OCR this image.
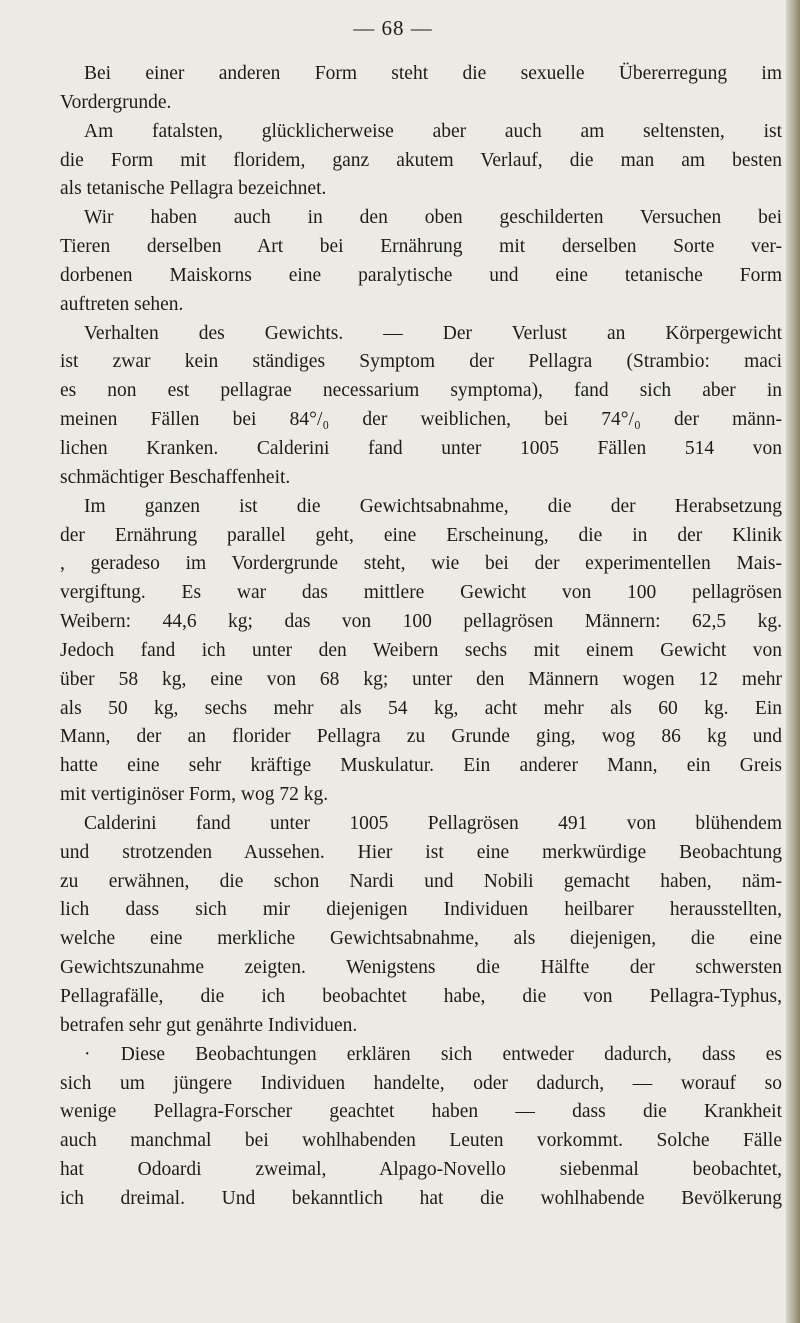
— 68 —
Bei einer anderen Form steht die sexuelle Übererregung im
Vordergrunde.
Am fatalsten, glücklicherweise aber auch am seltensten, ist
die Form mit floridem, ganz akutem Verlauf, die man am besten
als tetanische Pellagra bezeichnet.
Wir haben auch in den oben geschilderten Versuchen bei
Tieren derselben Art bei Ernährung mit derselben Sorte ver-
dorbenen Maiskorns eine paralytische und eine tetanische Form
auftreten sehen.
Verhalten des Gewichts. — Der Verlust an Körpergewicht
ist zwar kein ständiges Symptom der Pellagra (Strambio: maci
es non est pellagrae necessarium symptoma), fand sich aber in
meinen Fällen bei 84°/₀ der weiblichen, bei 74°/₀ der männ-
lichen Kranken. Calderini fand unter 1005 Fällen 514 von
schmächtiger Beschaffenheit.
Im ganzen ist die Gewichtsabnahme, die der Herabsetzung
der Ernährung parallel geht, eine Erscheinung, die in der Klinik
, geradeso im Vordergrunde steht, wie bei der experimentellen Mais-
vergiftung. Es war das mittlere Gewicht von 100 pellagrösen
Weibern: 44,6 kg; das von 100 pellagrösen Männern: 62,5 kg.
Jedoch fand ich unter den Weibern sechs mit einem Gewicht von
über 58 kg, eine von 68 kg; unter den Männern wogen 12 mehr
als 50 kg, sechs mehr als 54 kg, acht mehr als 60 kg. Ein
Mann, der an florider Pellagra zu Grunde ging, wog 86 kg und
hatte eine sehr kräftige Muskulatur. Ein anderer Mann, ein Greis
mit vertiginöser Form, wog 72 kg.
Calderini fand unter 1005 Pellagrösen 491 von blühendem
und strotzenden Aussehen. Hier ist eine merkwürdige Beobachtung
zu erwähnen, die schon Nardi und Nobili gemacht haben, näm-
lich dass sich mir diejenigen Individuen heilbarer herausstellten,
welche eine merkliche Gewichtsabnahme, als diejenigen, die eine
Gewichtszunahme zeigten. Wenigstens die Hälfte der schwersten
Pellagrafälle, die ich beobachtet habe, die von Pellagra-Typhus,
betrafen sehr gut genährte Individuen.
· Diese Beobachtungen erklären sich entweder dadurch, dass es
sich um jüngere Individuen handelte, oder dadurch, — worauf so
wenige Pellagra-Forscher geachtet haben — dass die Krankheit
auch manchmal bei wohlhabenden Leuten vorkommt. Solche Fälle
hat Odoardi zweimal, Alpago-Novello siebenmal beobachtet,
ich dreimal. Und bekanntlich hat die wohlhabende Bevölkerung
